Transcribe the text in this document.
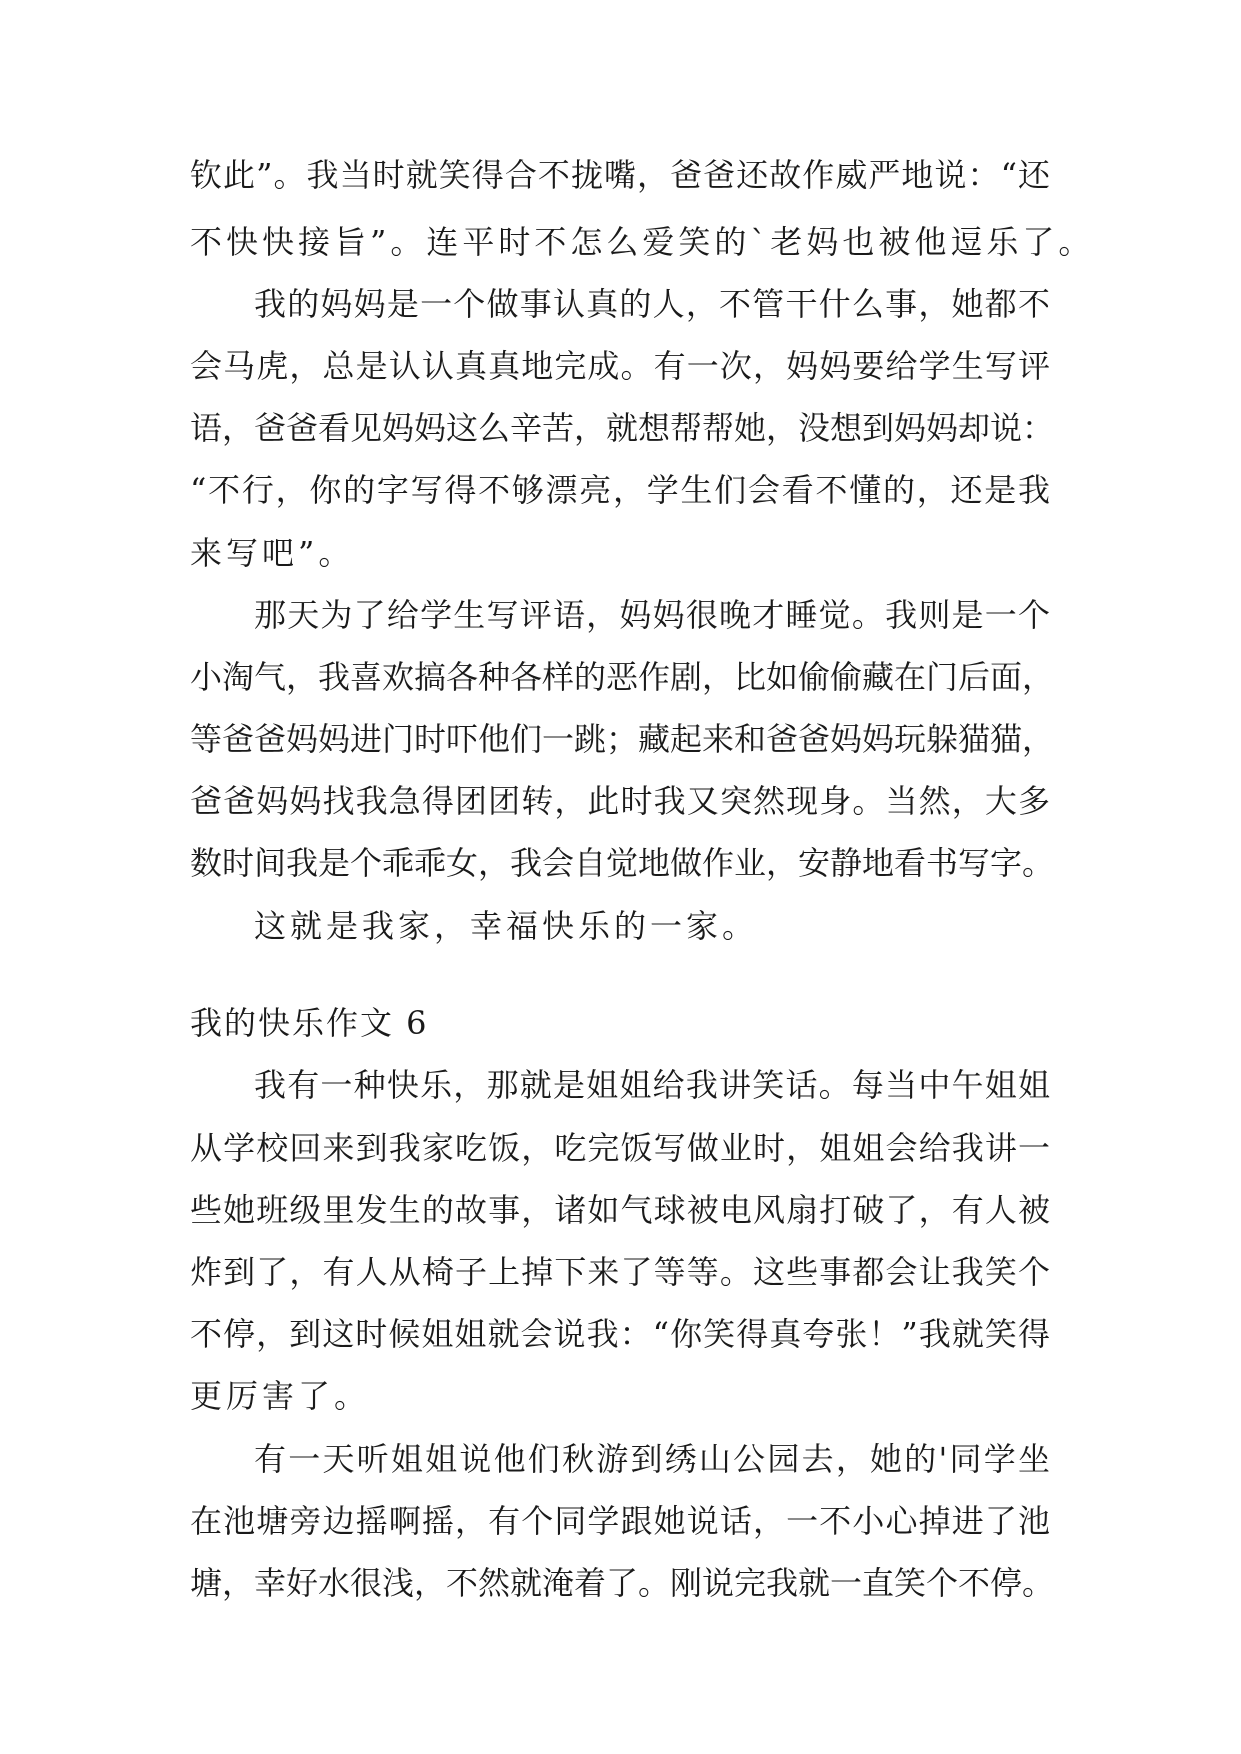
钦此”。我当时就笑得合不拢嘴，爸爸还故作威严地说：“还
不快快接旨”。连平时不怎么爱笑的`老妈也被他逗乐了。
我的妈妈是一个做事认真的人，不管干什么事，她都不
会马虎，总是认认真真地完成。有一次，妈妈要给学生写评
语，爸爸看见妈妈这么辛苦，就想帮帮她，没想到妈妈却说：
“不行，你的字写得不够漂亮，学生们会看不懂的，还是我
来写吧”。
那天为了给学生写评语，妈妈很晚才睡觉。我则是一个
小淘气，我喜欢搞各种各样的恶作剧，比如偷偷藏在门后面，
等爸爸妈妈进门时吓他们一跳；藏起来和爸爸妈妈玩躲猫猫，
爸爸妈妈找我急得团团转，此时我又突然现身。当然，大多
数时间我是个乖乖女，我会自觉地做作业，安静地看书写字。
这就是我家，幸福快乐的一家。
我的快乐作文 6
我有一种快乐，那就是姐姐给我讲笑话。每当中午姐姐
从学校回来到我家吃饭，吃完饭写做业时，姐姐会给我讲一
些她班级里发生的故事，诸如气球被电风扇打破了，有人被
炸到了，有人从椅子上掉下来了等等。这些事都会让我笑个
不停，到这时候姐姐就会说我：“你笑得真夸张！”我就笑得
更厉害了。
有一天听姐姐说他们秋游到绣山公园去，她的'同学坐
在池塘旁边摇啊摇，有个同学跟她说话，一不小心掉进了池
塘，幸好水很浅，不然就淹着了。刚说完我就一直笑个不停。
